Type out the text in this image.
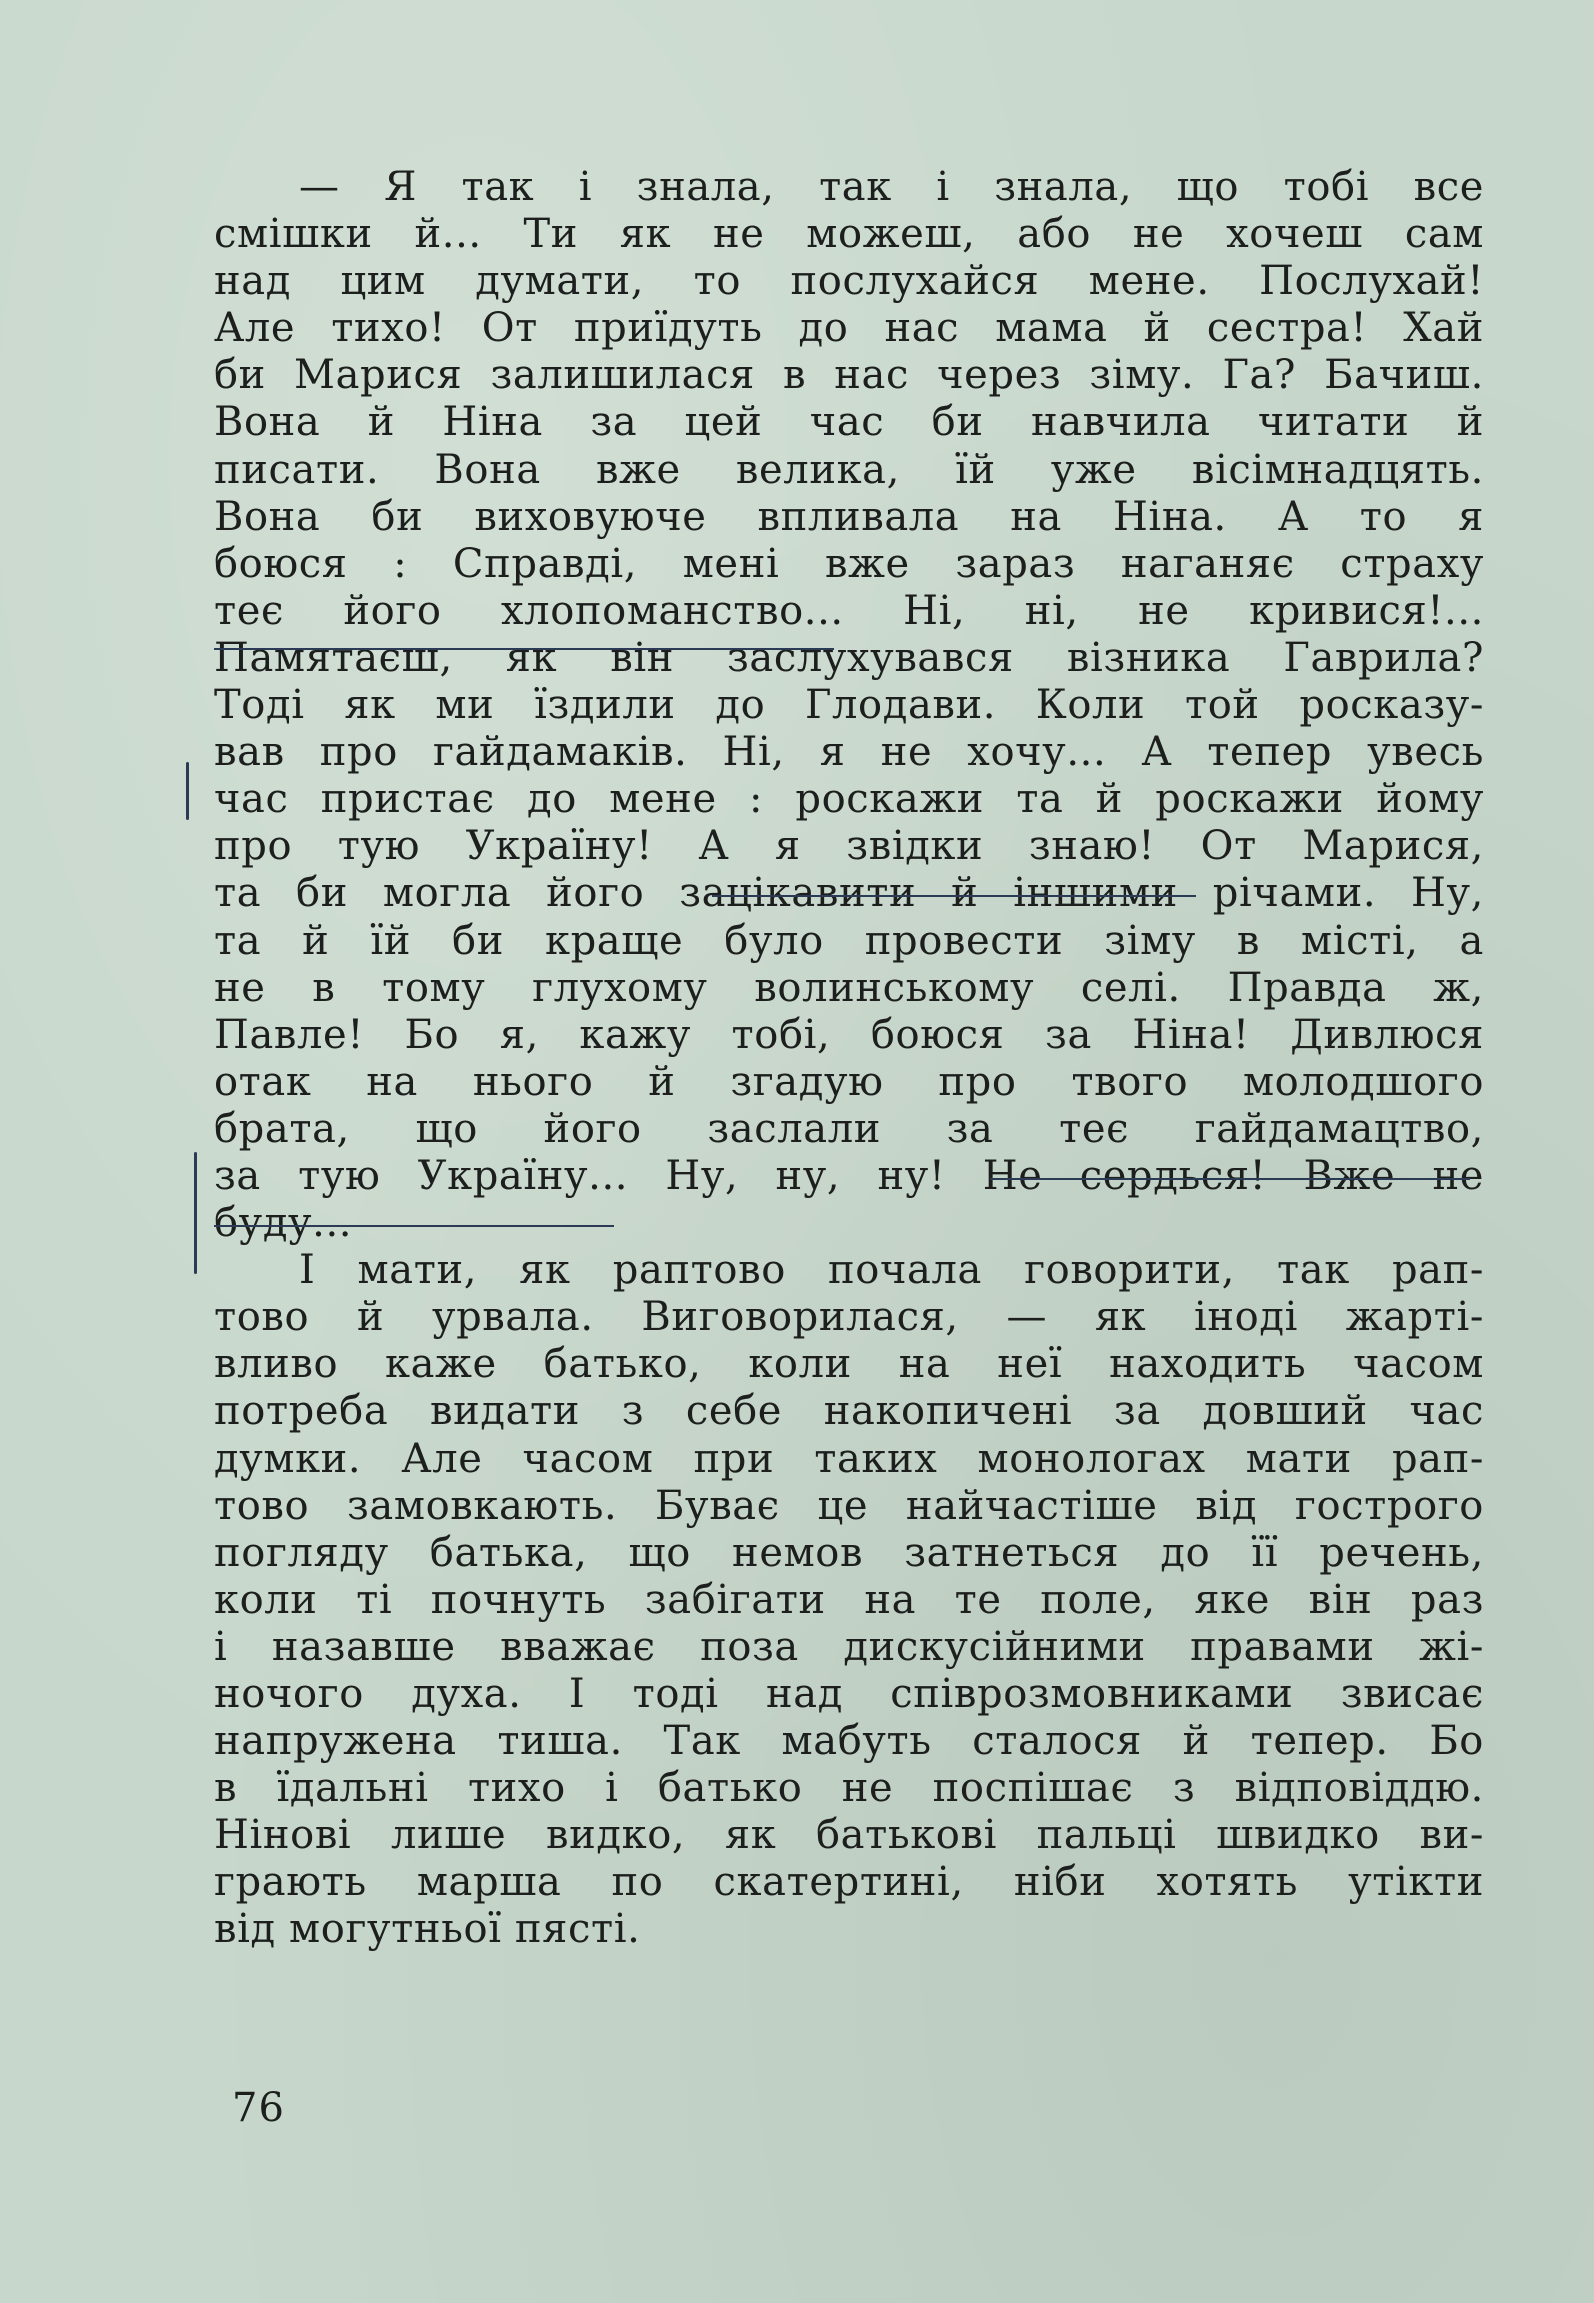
— Я так і знала, так і знала, що тобі все
смішки й... Ти як не можеш, або не хочеш сам
над цим думати, то послухайся мене. Послухай!
Але тихо! От приїдуть до нас мама й сестра! Хай
би Марися залишилася в нас через зіму. Га? Бачиш.
Вона й Ніна за цей час би навчила читати й
писати. Вона вже велика, їй уже вісімнадцять.
Вона би виховуюче впливала на Ніна. А то я
боюся : Справді, мені вже зараз наганяє страху
теє його хлопоманство... Ні, ні, не кривися!...
Памятаєш, як він заслухувався візника Гаврила?
Тоді як ми їздили до Глодави. Коли той росказу-
вав про гайдамаків. Ні, я не хочу... А тепер увесь
час пристає до мене : роскажи та й роскажи йому
про тую Україну! А я звідки знаю! От Марися,
та би могла його зацікавити й іншими річами. Ну,
та й їй би краще було провести зіму в місті, а
не в тому глухому волинському селі. Правда ж,
Павле! Бо я, кажу тобі, боюся за Ніна! Дивлюся
отак на нього й згадую про твого молодшого
брата, що його заслали за теє гайдамацтво,
за тую Україну... Ну, ну, ну! Не сердься! Вже не
буду...
І мати, як раптово почала говорити, так рап-
тово й урвала. Виговорилася, — як іноді жарті-
вливо каже батько, коли на неї находить часом
потреба видати з себе накопичені за довший час
думки. Але часом при таких монологах мати рап-
тово замовкають. Буває це найчастіше від гострого
погляду батька, що немов затнеться до її речень,
коли ті почнуть забігати на те поле, яке він раз
і назавше вважає поза дискусійними правами жі-
ночого духа. І тоді над співрозмовниками звисає
напружена тиша. Так мабуть сталося й тепер. Бо
в їдальні тихо і батько не поспішає з відповіддю.
Нінові лише видко, як батькові пальці швидко ви-
грають марша по скатертині, ніби хотять утікти
від могутньої пясті.
76
